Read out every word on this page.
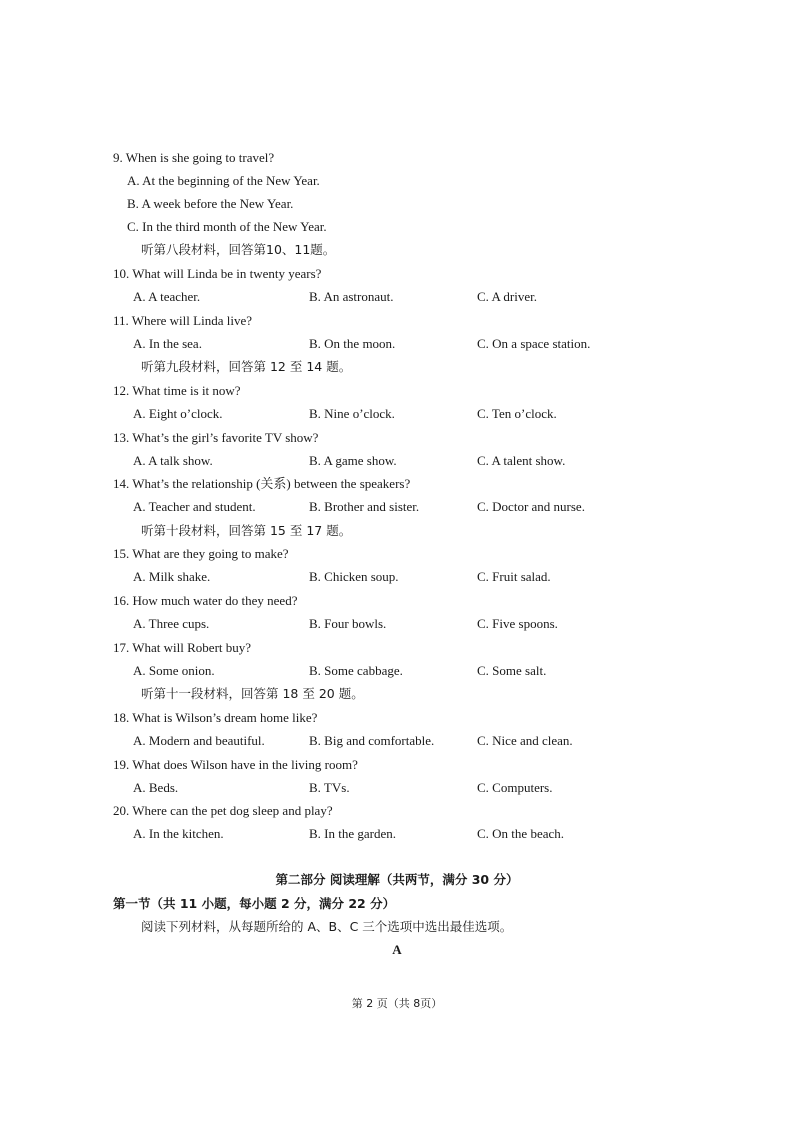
9. When is she going to travel?
A. At the beginning of the New Year.
B. A week before the New Year.
C. In the third month of the New Year.
听第八段材料，回答第10、11题。
10. What will Linda be in twenty years?
A. A teacher.	B. An astronaut.	C. A driver.
11. Where will Linda live?
A. In the sea.	B. On the moon.	C. On a space station.
听第九段材料，回答第 12 至 14 题。
12. What time is it now?
A. Eight o’clock.	B. Nine o’clock.	C. Ten o’clock.
13. What’s the girl’s favorite TV show?
A. A talk show.	B. A game show.	C. A talent show.
14. What’s the relationship (关系) between the speakers?
A. Teacher and student.	B. Brother and sister.	C. Doctor and nurse.
听第十段材料，回答第 15 至 17 题。
15. What are they going to make?
A. Milk shake.	B. Chicken soup.	C. Fruit salad.
16. How much water do they need?
A. Three cups.	B. Four bowls.	C. Five spoons.
17. What will Robert buy?
A. Some onion.	B. Some cabbage.	C. Some salt.
听第十一段材料，回答第 18 至 20 题。
18. What is Wilson’s dream home like?
A. Modern and beautiful.	B. Big and comfortable.	C. Nice and clean.
19. What does Wilson have in the living room?
A. Beds.	B. TVs.	C. Computers.
20. Where can the pet dog sleep and play?
A. In the kitchen.	B. In the garden.	C. On the beach.
第二部分 阅读理解（共两节，满分 30 分）
第一节（共 11 小题，每小题 2 分，满分 22 分）
阅读下列材料，从每题所给的 A、B、C 三个选项中选出最佳选项。
A
第 2 页（共 8页）
